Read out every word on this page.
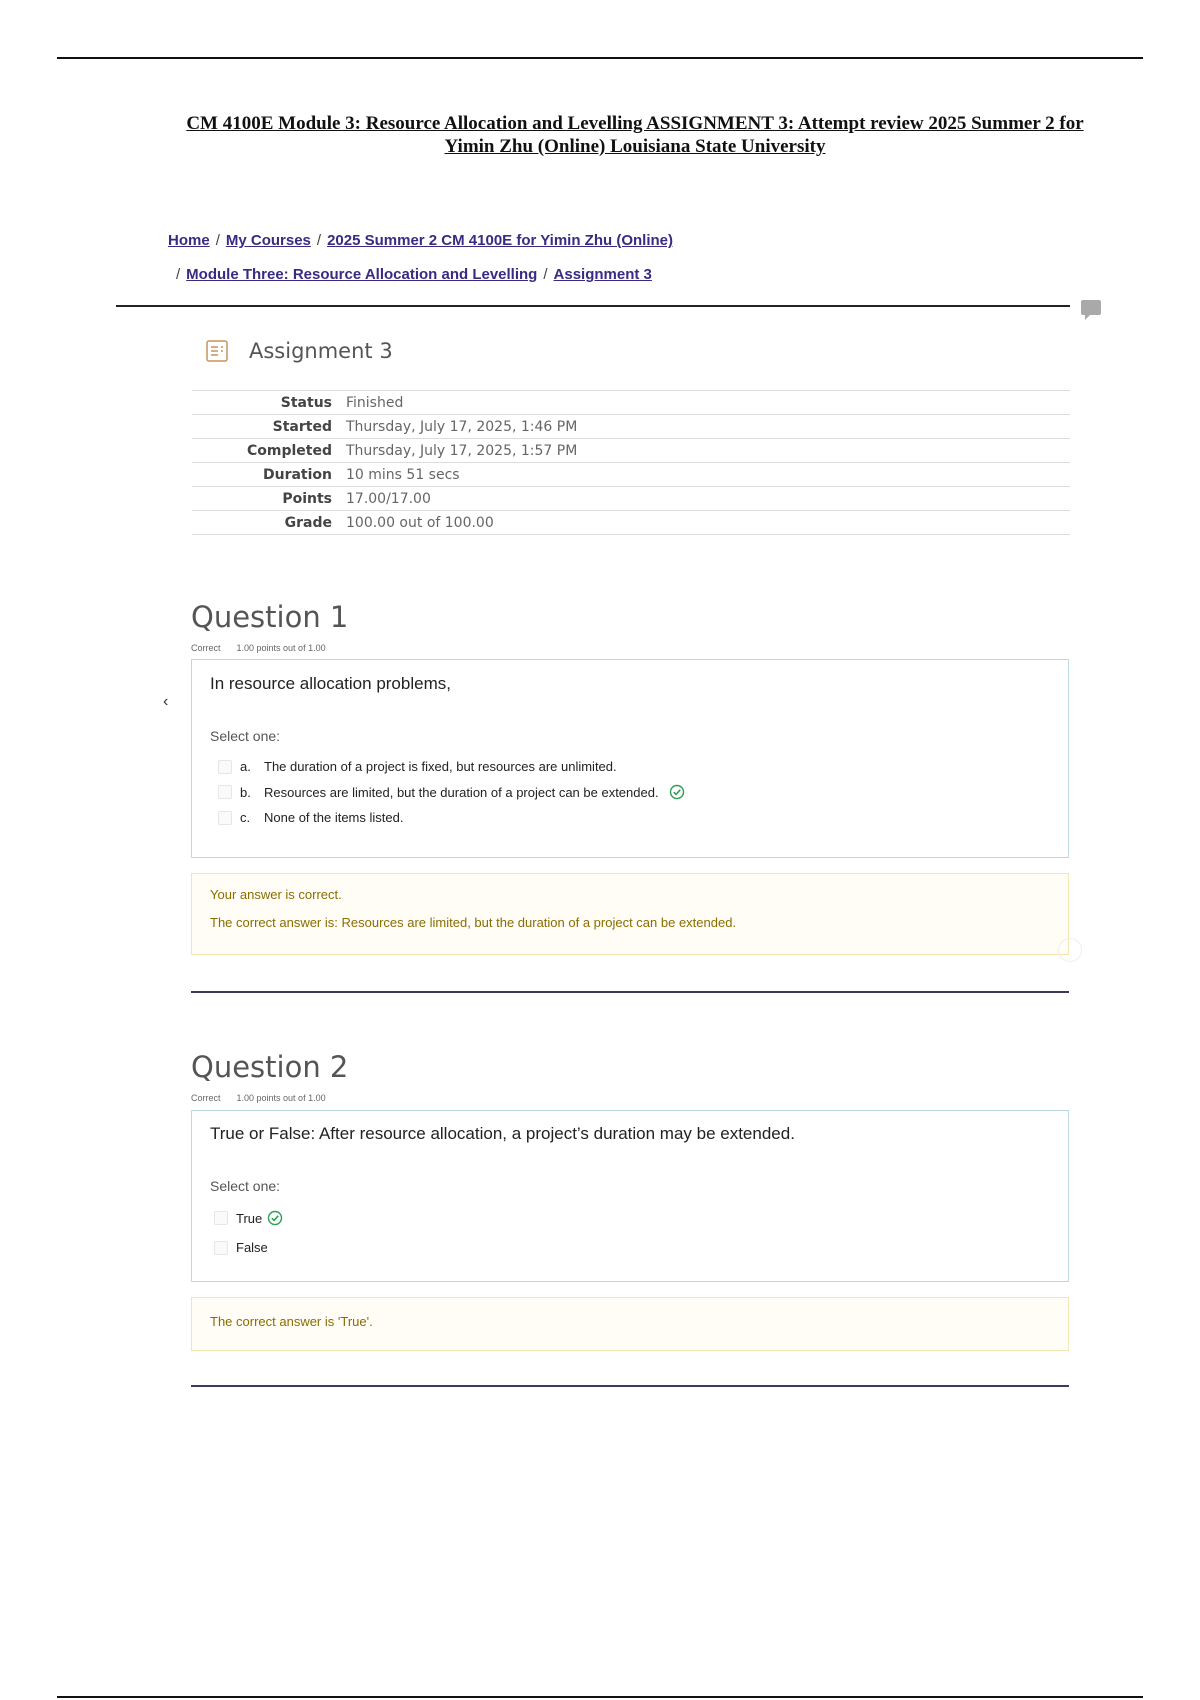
CM 4100E Module 3: Resource Allocation and Levelling ASSIGNMENT 3: Attempt review 2025 Summer 2 for
Yimin Zhu (Online) Louisiana State University
Home / My Courses / 2025 Summer 2 CM 4100E for Yimin Zhu (Online)
/ Module Three: Resource Allocation and Levelling / Assignment 3
Assignment 3
Status	Finished
Started	Thursday, July 17, 2025, 1:46 PM
Completed	Thursday, July 17, 2025, 1:57 PM
Duration	10 mins 51 secs
Points	17.00/17.00
Grade	100.00 out of 100.00
Question 1
Correct 1.00 points out of 1.00
‹
In resource allocation problems,
Select one:
a.	The duration of a project is fixed, but resources are unlimited.
b.	Resources are limited, but the duration of a project can be extended.
c.	None of the items listed.
Your answer is correct.
The correct answer is: Resources are limited, but the duration of a project can be extended.
Question 2
Correct 1.00 points out of 1.00
True or False: After resource allocation, a project’s duration may be extended.
Select one:
True
False
The correct answer is 'True'.
